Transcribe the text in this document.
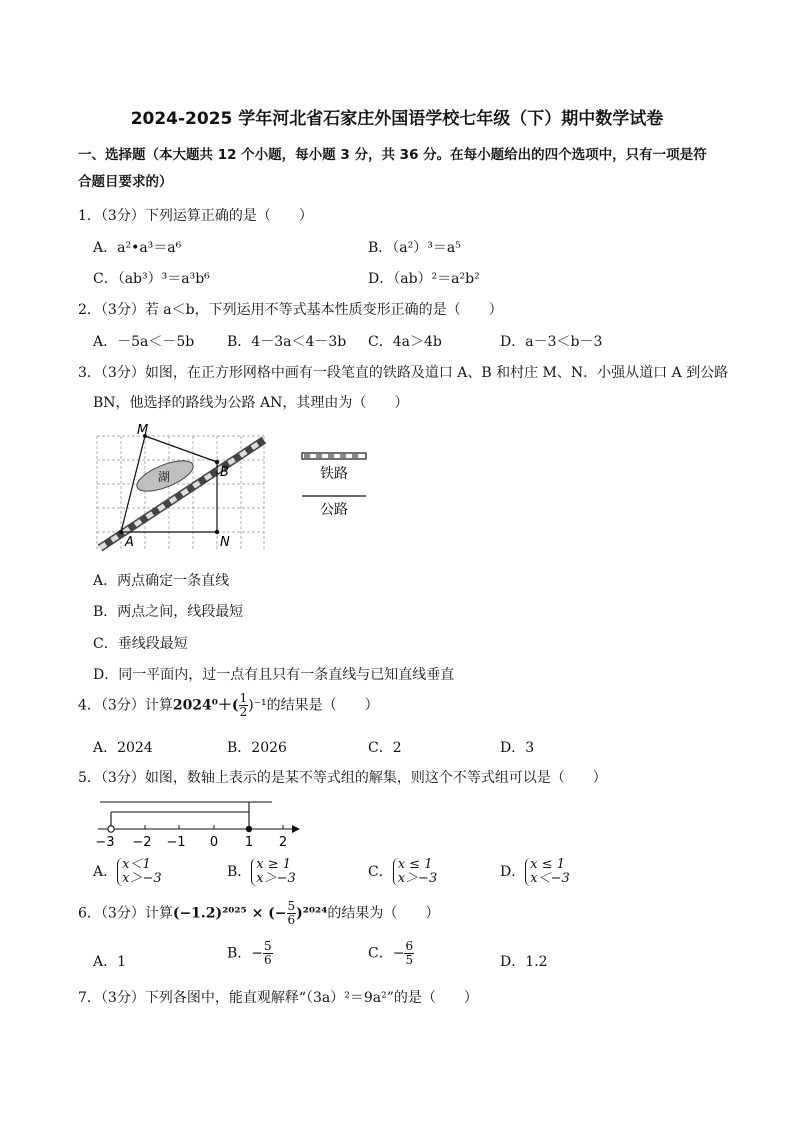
2024-2025 学年河北省石家庄外国语学校七年级（下）期中数学试卷
一、选择题（本大题共 12 个小题，每小题 3 分，共 36 分。在每小题给出的四个选项中，只有一项是符合题目要求的）
1．（3分）下列运算正确的是（　　）
A．a²•a³＝a⁶	B．（a²）³＝a⁵
C．（ab³）³＝a³b⁶	D．（ab）²＝a²b²
2．（3分）若 a＜b，下列运用不等式基本性质变形正确的是（　　）
A．－5a＜－5b B．4－3a＜4－3b C．4a＞4b	D．a－3＜b－3
3．（3分）如图，在正方形网格中画有一段笔直的铁路及道口 A、B 和村庄 M、N．小强从道口 A 到公路
BN，他选择的路线为公路 AN，其理由为（　　）
湖
M
B
A	N
铁路
公路
A．两点确定一条直线
B．两点之间，线段最短
C．垂线段最短
D．同一平面内，过一点有且只有一条直线与已知直线垂直
4．（3分）计算$2024^0+( \frac{1}{2} )^{-1}$的结果是（　　）
A．2024	B．2026	C．2	D．3
5．（3分）如图，数轴上表示的是某不等式组的解集，则这个不等式组可以是（　　）
−3 −2 −1 0 1 2
A． x＜1
x＞−3	B． x ≥ 1
x＞−3	C． x ≤ 1
x＞−3	D． x ≤ 1
x＜−3
6．（3分）计算(−1.2)²⁰²⁵ × (− $\frac{5}{6} )^{2024}$的结果为（　　）
A．1
B．− $\frac{5}{6}$	C．− $\frac{6}{5}$	D．1.2
7．（3分）下列各图中，能直观解释“（3a）²＝9a²”的是（　　）
